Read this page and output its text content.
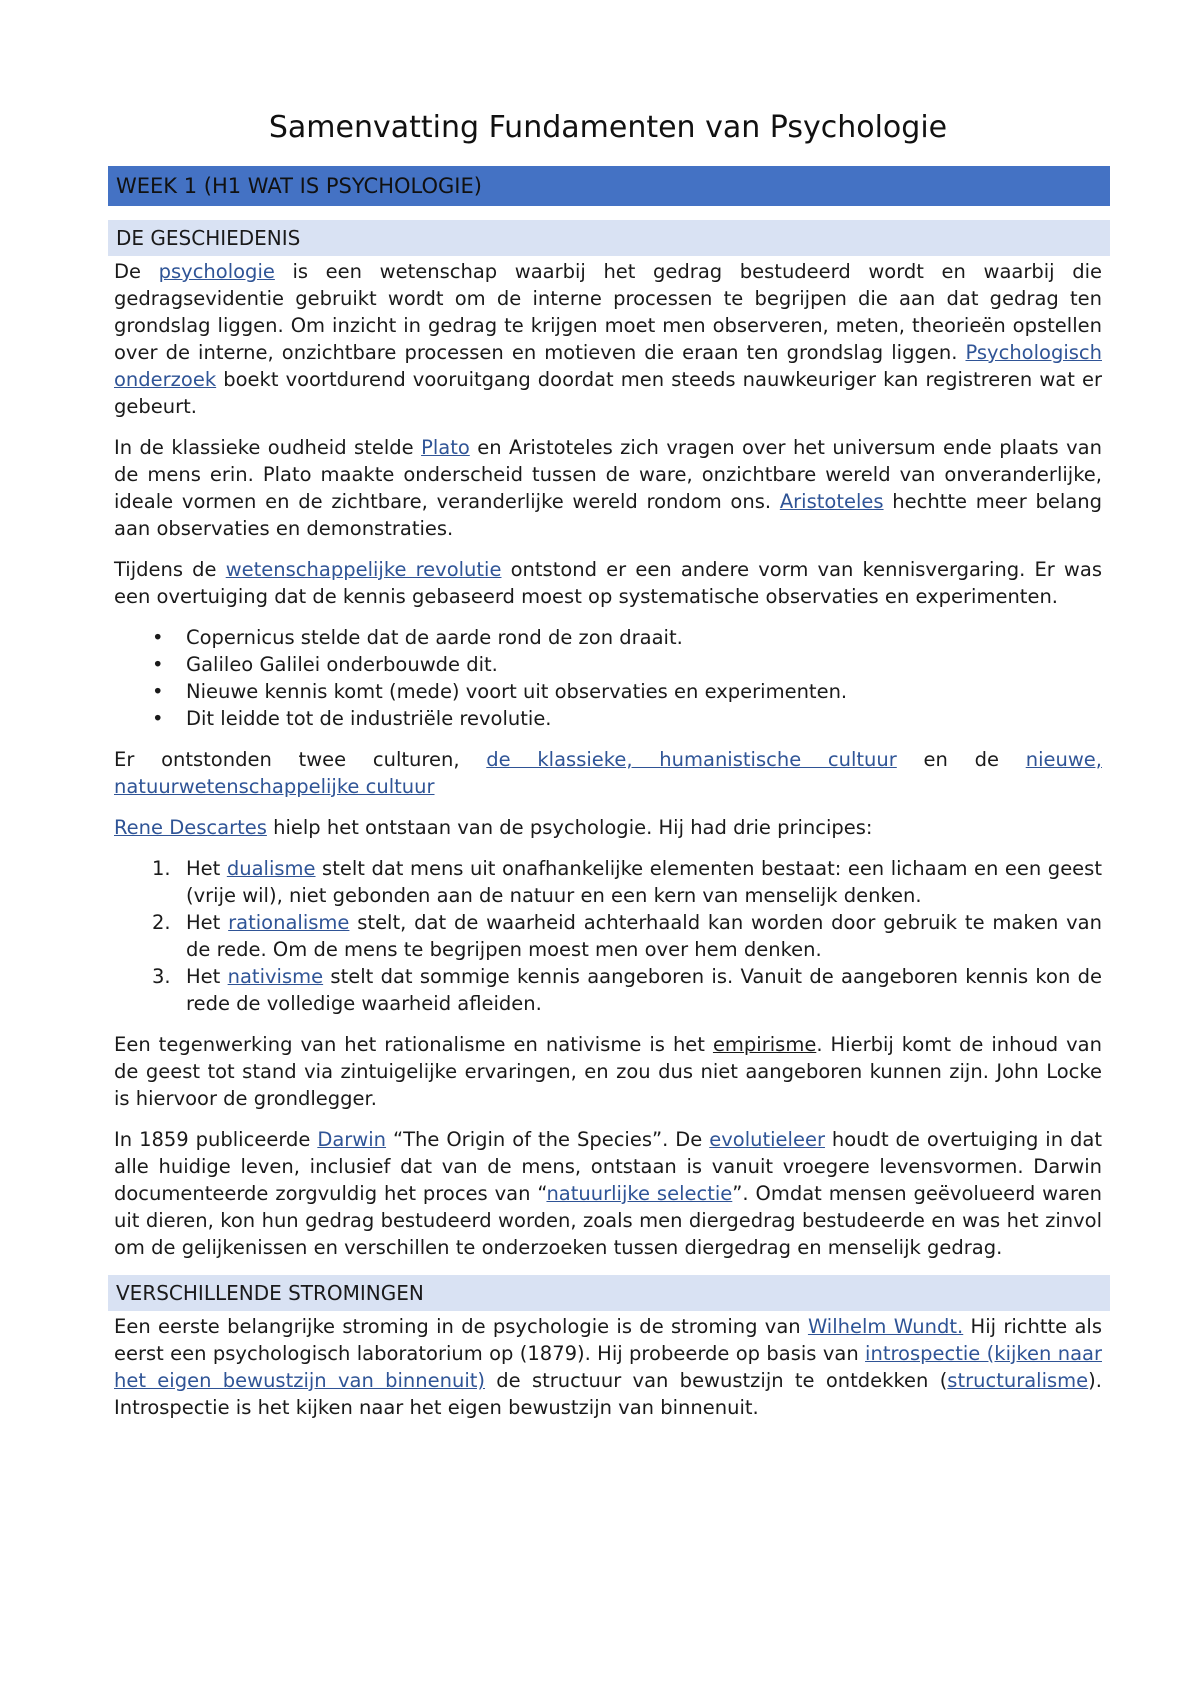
Samenvatting Fundamenten van Psychologie
WEEK 1 (H1 WAT IS PSYCHOLOGIE)
DE GESCHIEDENIS

De psychologie is een wetenschap waarbij het gedrag bestudeerd wordt en waarbij die gedragsevidentie gebruikt wordt om de interne processen te begrijpen die aan dat gedrag ten grondslag liggen. Om inzicht in gedrag te krijgen moet men observeren, meten, theorieën opstellen over de interne, onzichtbare processen en motieven die eraan ten grondslag liggen. Psychologisch onderzoek boekt voortdurend vooruitgang doordat men steeds nauwkeuriger kan registreren wat er gebeurt.

In de klassieke oudheid stelde Plato en Aristoteles zich vragen over het universum ende plaats van de mens erin. Plato maakte onderscheid tussen de ware, onzichtbare wereld van onveranderlijke, ideale vormen en de zichtbare, veranderlijke wereld rondom ons. Aristoteles hechtte meer belang aan observaties en demonstraties.

Tijdens de wetenschappelijke revolutie ontstond er een andere vorm van kennisvergaring. Er was een overtuiging dat de kennis gebaseerd moest op systematische observaties en experimenten.

• Copernicus stelde dat de aarde rond de zon draait.
• Galileo Galilei onderbouwde dit.
• Nieuwe kennis komt (mede) voort uit observaties en experimenten.
• Dit leidde tot de industriële revolutie.

Er ontstonden twee culturen, de klassieke, humanistische cultuur en de nieuwe, natuurwetenschappelijke cultuur

Rene Descartes hielp het ontstaan van de psychologie. Hij had drie principes:

1. Het dualisme stelt dat mens uit onafhankelijke elementen bestaat: een lichaam en een geest (vrije wil), niet gebonden aan de natuur en een kern van menselijk denken.
2. Het rationalisme stelt, dat de waarheid achterhaald kan worden door gebruik te maken van de rede. Om de mens te begrijpen moest men over hem denken.
3. Het nativisme stelt dat sommige kennis aangeboren is. Vanuit de aangeboren kennis kon de rede de volledige waarheid afleiden.

Een tegenwerking van het rationalisme en nativisme is het empirisme. Hierbij komt de inhoud van de geest tot stand via zintuigelijke ervaringen, en zou dus niet aangeboren kunnen zijn. John Locke is hiervoor de grondlegger.

In 1859 publiceerde Darwin “The Origin of the Species”. De evolutieleer houdt de overtuiging in dat alle huidige leven, inclusief dat van de mens, ontstaan is vanuit vroegere levensvormen. Darwin documenteerde zorgvuldig het proces van “natuurlijke selectie”. Omdat mensen geëvolueerd waren uit dieren, kon hun gedrag bestudeerd worden, zoals men diergedrag bestudeerde en was het zinvol om de gelijkenissen en verschillen te onderzoeken tussen diergedrag en menselijk gedrag.

VERSCHILLENDE STROMINGEN

Een eerste belangrijke stroming in de psychologie is de stroming van Wilhelm Wundt. Hij richtte als eerst een psychologisch laboratorium op (1879). Hij probeerde op basis van introspectie (kijken naar het eigen bewustzijn van binnenuit) de structuur van bewustzijn te ontdekken (structuralisme). Introspectie is het kijken naar het eigen bewustzijn van binnenuit.
